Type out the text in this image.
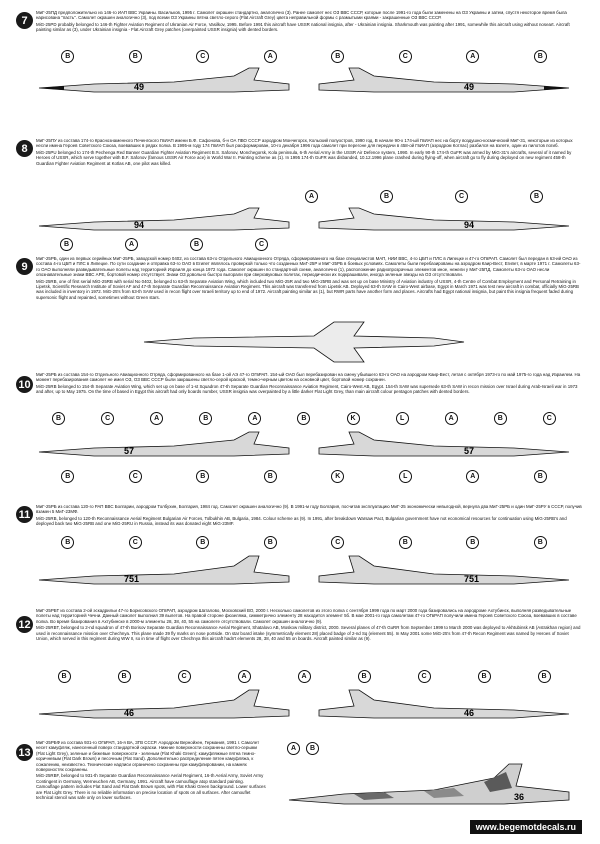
7

МиГ-25ПД предположительно из 146-го ИАП ВВС Украины. Васильков, 1995 г. Самолет окрашен стандартно, аналогично (3). Ранее самолет нес ОЗ ВВС СССР, которые после 1991-го года были заменены на ОЗ Украины и затем, спустя некоторое время была нарисована "пасть". Самолет окрашен аналогично (3), под всеми ОЗ Украины пятна светло-серого (Flat Aircraft Grey) цвета неправильной формы с размытыми краями - закрашенные ОЗ ВВС СССР.

MiG-25PD probably belonged to 146-th Fighter Aviation Regiment of Ukranian Air Force, Vasilkov, 1995. Before 1991 this aircraft have USSR national insignia, after - Ukrainian insignia. Sharkmouth was painting after 1991, somewhile this aircraft using without noseart. Aircraft painting similar as (3), under Ukrainian insignia - Flat Aircraft Grey patches (overpainted USSR insignia) with dented borders.

B	B	C	A	B	C	A	B
49	49
8

МиГ-25ПУ из состава 174-го Краснознаменного Печенгского ГвИАП имени Б.Ф. Сафонова, б-н ОА ПВО СССР аэродром Мончегорск, Кольский полуостров, 1990 год. В начале 90-х 174-ый ГвИАП нес на борту воздушно-космический МиГ-31, некоторые из которых несли имена Героев Советского Союза, воевавших в рядах полка. В 1995-м году 174 ГвИАП был расформирован, 10-го декабря 1996 года самолет при перегоне для передачи в 458-ой ГвИАП (аэродром Котлас) разбился на взлете, один из пилотов погиб.

MiG-25PU belonged to 174-th Pechenga Red Banner Guardian Fighter Aviation Regiment B.S. Safonov, Monchegorsk, Kola peninsula, 6-th Aerial Army in the USSR Air Defence system, 1990. In early 90-th 174-th GuFR was armed by MiG-31's aircrafts, several of it named by Heroes of USSR, which serve together with B.F. Safonov (famous USSR Air Force ace) in World War II. Painting scheme as (1). In 1995 174-th GuFR was disbanded, 10.12.1996 plane crashed during flying-off, when aircraft go to fly during deployed on new regiment 458-th Guardian Fighter Aviation Regiment at Kotlas AB, one pilot was killed.

A	B	C	B
94	94
B	A	B	C
9

МиГ-25РБ, один из первых серийных МиГ-25РБ, заводской номер 0402, из состава 63-го Отдельного Авиационного Отряда, сформированного на базе специалистов МАП, НИИ ВВС, 4-го ЦБП и ПЛС в Липецке и 47-го ОГвРАП. Самолет был передан в 63-ий ОАО из состава 4-го ЦБП и ПЛС в Липецке. По сути создание и отправка 63-го ОАО в Египет являлось проверкой только что созданных МиГ-25Р и МиГ-25РБ в боевых условиях. Самолеты были перебазированы на аэродром Каир-Вест, Египет, в марте 1971 г. Самолеты 63-го ОАО выполняли разведывательные полеты над территорией Израиля до конца 1972 года. Самолет окрашен по стандартной схеме, аналогично (1), расположение радиопрозрачных элементов иное, нежели у МиГ-25ПД. Самолеты 63-го ОАО несли опознавательные знаки ВВС АРЕ, бортовой номер отсутствует. Знаки ОЗ довольно быстро выгорали при сверхзвуковых полетах, периодически их подкрашивали, иногда зеленые звезды на ОЗ отсутствовали.

MiG-25RB, one of first serial MiG-25RB with serial No 0402, belonged to 63-th Separate Aviation Wing, which included two MiG-25R and two MiG-25RB and was set up on base Ministry of Aviation industry of USSR, 4-th Centre of Combat Employment and Personal Retraining in Lipetsk, Scientific Research Institute of Soviet AF and 47-th Separate Guardian Reconnaissance Aviation Regiment. This aircraft was transferred from Lipetsk AB. Deployed 63-th SAW in Cairo-West airbase, Egypt in March 1971 was test new aircraft in combat, officially MiG-25RB was included in inventory in 1972. MiG-25's from 63-th SAW used in recon flight over Israeli territory up to end of 1972. Aircraft painting similar as (1), but RWR parts have another form and places. Aircrafts had Egypt national insignia, but paint this insignia frequent faded during supersonic flight and repainted, sometimes without Green stars.

10

МиГ-25РБ из состава 154-го Отдельного Авиационного Отряда, сформированного на базе 1-ой АЭ 47-го ОГвРАП. 154-ый ОАО был перебазирован на смену убывшего 63-го ОАО на аэродром Каир-Вест, летая с октября 1973-го по май 1975-го года над Израилем. На момент перебазирования самолет не имел ОЗ, ОЗ ВВС СССР были закрашены светло-серой краской, темно-черным цветом на основной цвет, бортовой номер сохранен.

MiG-25RB belonged to 154-th Separate Aviation Wing, which set up on base of 1-st Squadron 47-th Separate Guardian Reconnaissance Aviation Regiment, Cairo-West AB, Egypt. 154-th SAW was supersede 63-th SAW in recon mission over Israel during Arab-Israeli war in 1973 and after, up to May 1975. On the time of based in Egypt this aircraft had only boards number, USSR insignia was overpainted by a little darker Flat Light Grey, than main aircraft colour pentagon patches with dented borders.

B	C	A	B	A	B	K	L	A	B	C
57	57
B	C	B	B	K	L	A	B
11

МиГ-25РБ из состава 120-го РАП ВВС Болгарии, аэродром Толбухин, Болгария, 1984 год. Самолет окрашен аналогично (9). В 1991-м году Болгария, посчитав эксплуатацию МиГ-25 экономически невыгодной, вернула два МиГ-25РБ и один МиГ-25РУ в СССР, получив взамен 5 МиГ-23МФ.

MiG-25RB, belonged to 120-th Reconnaissance Aerial Regiment Bulgarian Air Forces, Tolbukhin AB, Bulgaria, 1984. Colour scheme as (9). In 1991, after breakdown Warsaw Pact, Bulgarian government have not economical resources for continuation using MiG-25RB's and deployed back two MiG-25RB and one MiG-25RU in Russia, instead its was donated eight MiG-23MF.

B	C	B	B	C	B	B	B
751	751
12

МиГ-25РБТ из состава 2-ой эскадрильи 47-го Борисовского ОГвРАП, аэродром Шаталово, Московский ВО, 2000 г. Несколько самолетов из этого полка с сентября 1999 года по март 2000 года базировались на аэродроме Ахтубинск, выполняя разведывательные полеты над территорией Чечни. Данный самолет выполнил 39 вылетов. На правой стороне фюзеляжа, симметрично элементу 28 находится элемент 5б. В мае 2001-го года самолетам 47-го ОГвРАП получили имена Героев Советского Союза, воевавших в составе полка. Во время базирования в Ахтубинске в 2000-м элементы 28, 38, 40, 55 на самолете отсутствовали. Самолет окрашен аналогично (9).

MiG-25RBT, belonged to 2-nd squadron of 47-th Borisov Separate Guardian Reconnaissance Aerial Regiment, Shatalovo AB, Moskow military district, 2000. Several planes of 47-th GuRR from September 1999 to March 2000 was deployed to Akhtubinsk AB (Astrakhan region) and used in reconnaissance mission over Chechnya. This plane made 39 fly marks on nose portside. On star board intake (symmetrically element 28) placed badge of 2-nd Sq (element 55). In May 2001 some MiG-25's from 47-th Recon Regiment was named by Heroes of Soviet Union, which served in this regiment during WW II, so in time of flight over Chechnya this aircraft hadn't elements 28, 38, 40 and 55 on boards. Aircraft painted similar as (9).

B	B	C	A	A	B	C	B	B
46	46
13

МиГ-25РБФ из состава 931-го ОГвРАП, 16-я ВА, ЗГВ СССР. Аэродром Вернойхен, Германия, 1991 г. Самолет несет камуфляж, нанесенный поверх стандартной окраски. Нижние поверхности сохранены светло-серыми (Flat Light Grey), зеленые и бежевые поверхности - зеленым (Flat Khaki Green); камуфляжные пятна темно-коричневым (Flat Dark Brown) и песочным (Flat Sand). Дополнительно распределение пятен камуфляжа, к сожалению, неизвестно. Технические надписи ограничено сохранены при камуфлировании, на камнях поверхностях сохранены.

MiG-25RBF, belonged to 931-th Separate Guardian Reconnaissance Aerial Regiment, 16-th Aerial Army, Soviet Army Contingent in Germany, Werneuchen AB, Germany, 1991. Aircraft have camouflage atop standard painting. Camouflage pattern includes Flat Sand and Flat Dark Brown spots, with Flat Khaki Green background. Lower surfaces are Flat Light Grey. There is no reliable information on precise location of spots on all surfaces. After camouflet technical stencil was safe only on lower surfaces.

A	B
36
www.begemotdecals.ru
